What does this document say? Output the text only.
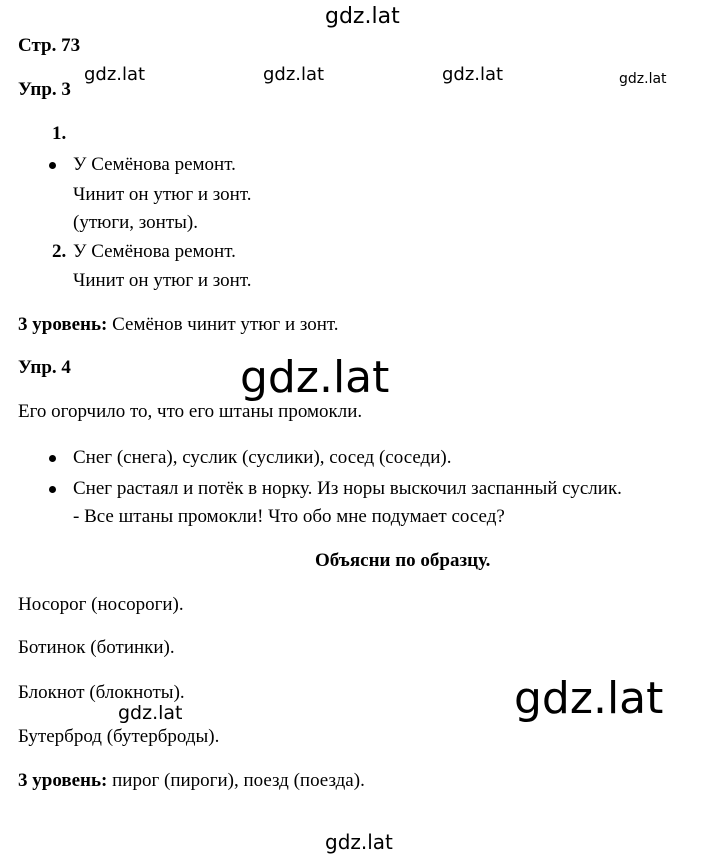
gdz.lat
gdz.lat	gdz.lat	gdz.lat	gdz.lat
gdz.lat
gdz.lat
gdz.lat
gdz.lat
Стр. 73
Упр. 3
1.
У Семёнова ремонт.
Чинит он утюг и зонт.
(утюги, зонты).
2. У Семёнова ремонт.
Чинит он утюг и зонт.
3 уровень: Семёнов чинит утюг и зонт.
Упр. 4
Его огорчило то, что его штаны промокли.
Снег (снега), суслик (суслики), сосед (соседи).
Снег растаял и потёк в норку. Из норы выскочил заспанный суслик.
- Все штаны промокли! Что обо мне подумает сосед?
Объясни по образцу.
Носорог (носороги).
Ботинок (ботинки).
Блокнот (блокноты).
Бутерброд (бутерброды).
3 уровень: пирог (пироги), поезд (поезда).
